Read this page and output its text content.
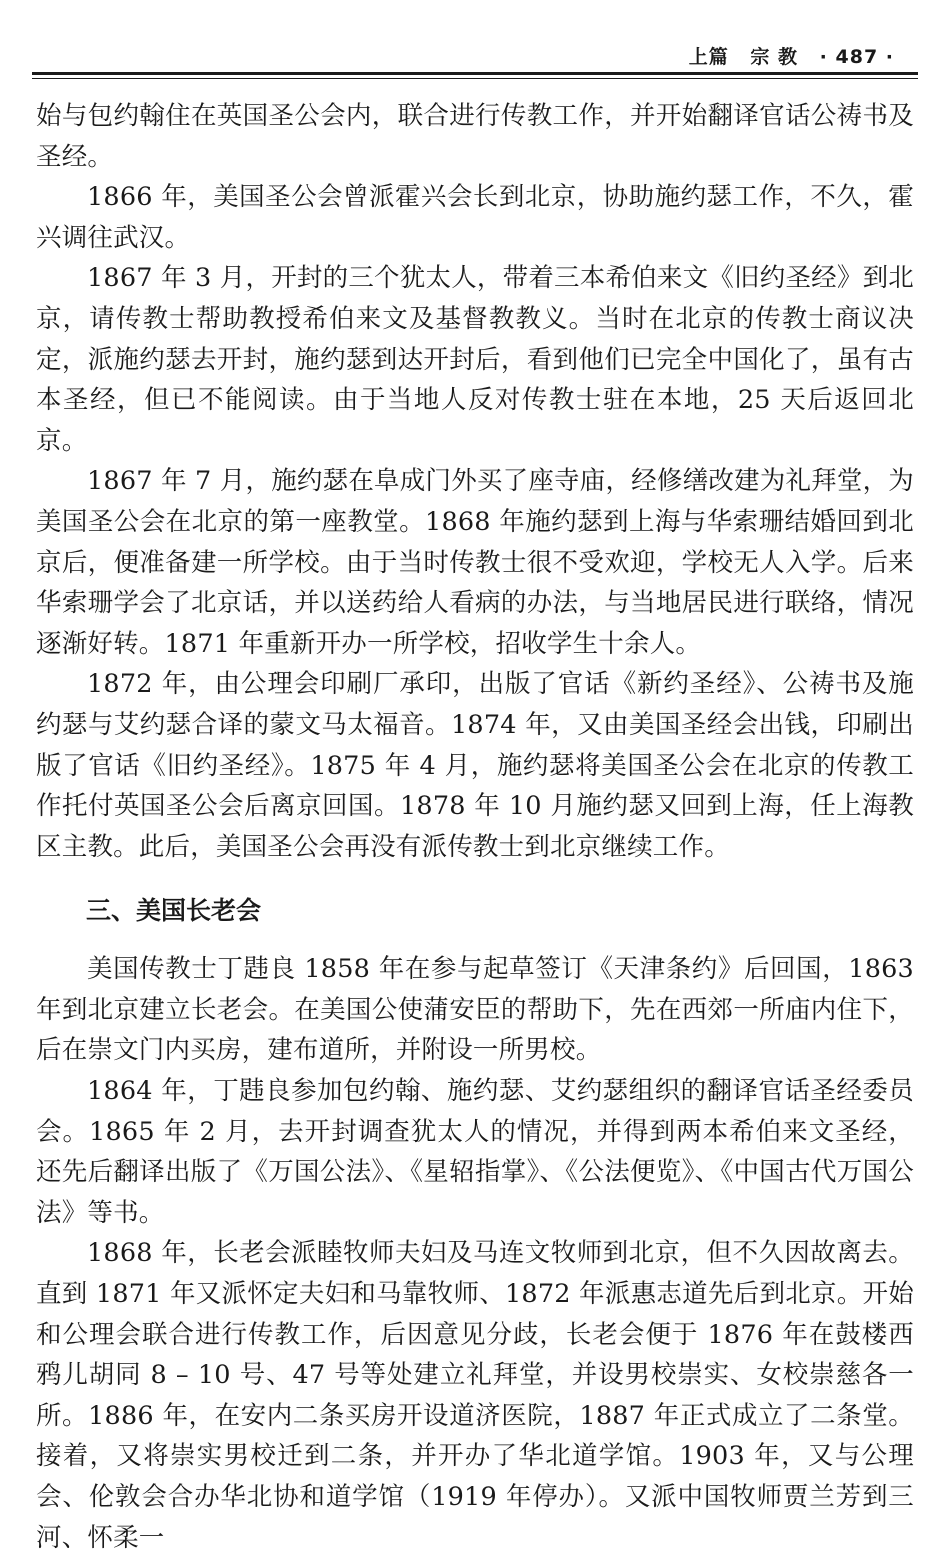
上篇 宗 教 · 487 ·

始与包约翰住在英国圣公会内，联合进行传教工作，并开始翻译官话公祷书及圣经。

1866 年，美国圣公会曾派霍兴会长到北京，协助施约瑟工作，不久，霍兴调往武汉。

1867 年 3 月，开封的三个犹太人，带着三本希伯来文《旧约圣经》到北京，请传教士帮助教授希伯来文及基督教教义。当时在北京的传教士商议决定，派施约瑟去开封，施约瑟到达开封后，看到他们已完全中国化了，虽有古本圣经，但已不能阅读。由于当地人反对传教士驻在本地，25 天后返回北京。

1867 年 7 月，施约瑟在阜成门外买了座寺庙，经修缮改建为礼拜堂，为美国圣公会在北京的第一座教堂。1868 年施约瑟到上海与华索珊结婚回到北京后，便准备建一所学校。由于当时传教士很不受欢迎，学校无人入学。后来华索珊学会了北京话，并以送药给人看病的办法，与当地居民进行联络，情况逐渐好转。1871 年重新开办一所学校，招收学生十余人。

1872 年，由公理会印刷厂承印，出版了官话《新约圣经》、公祷书及施约瑟与艾约瑟合译的蒙文马太福音。1874 年，又由美国圣经会出钱，印刷出版了官话《旧约圣经》。1875 年 4 月，施约瑟将美国圣公会在北京的传教工作托付英国圣公会后离京回国。1878 年 10 月施约瑟又回到上海，任上海教区主教。此后，美国圣公会再没有派传教士到北京继续工作。

三、美国长老会

美国传教士丁韪良 1858 年在参与起草签订《天津条约》后回国，1863 年到北京建立长老会。在美国公使蒲安臣的帮助下，先在西郊一所庙内住下，后在崇文门内买房，建布道所，并附设一所男校。

1864 年，丁韪良参加包约翰、施约瑟、艾约瑟组织的翻译官话圣经委员会。1865 年 2 月，去开封调查犹太人的情况，并得到两本希伯来文圣经，还先后翻译出版了《万国公法》、《星轺指掌》、《公法便览》、《中国古代万国公法》等书。

1868 年，长老会派睦牧师夫妇及马连文牧师到北京，但不久因故离去。直到 1871 年又派怀定夫妇和马靠牧师、1872 年派惠志道先后到北京。开始和公理会联合进行传教工作，后因意见分歧，长老会便于 1876 年在鼓楼西鸦儿胡同 8 – 10 号、47 号等处建立礼拜堂，并设男校崇实、女校崇慈各一所。1886 年，在安内二条买房开设道济医院，1887 年正式成立了二条堂。接着，又将崇实男校迁到二条，并开办了华北道学馆。1903 年，又与公理会、伦敦会合办华北协和道学馆（1919 年停办）。又派中国牧师贾兰芳到三河、怀柔一
